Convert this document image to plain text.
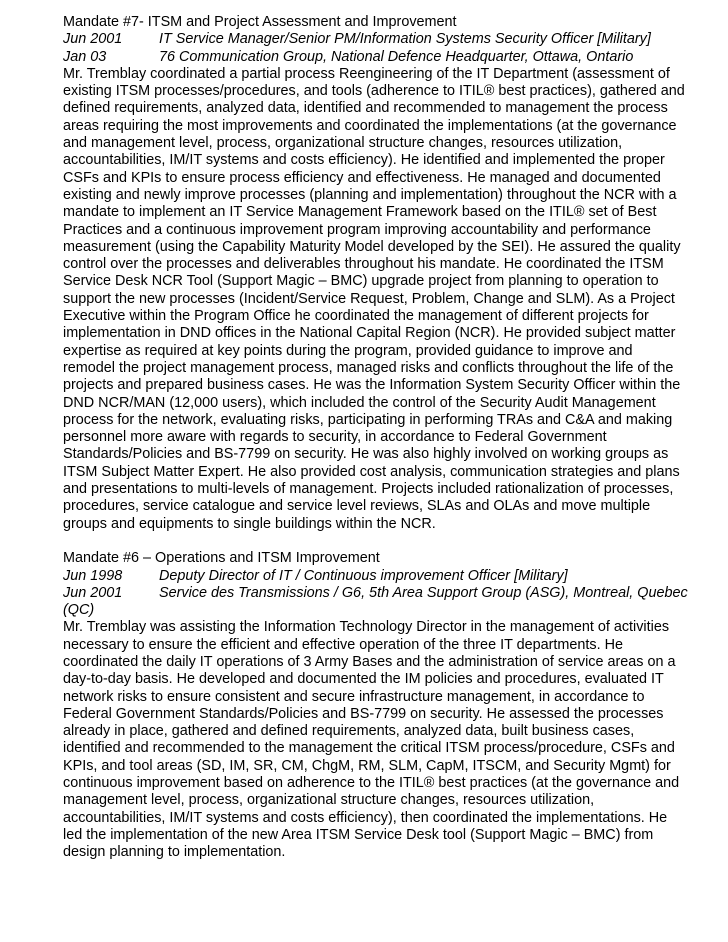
Mandate #7- ITSM and Project Assessment and Improvement

Jun 2001	IT Service Manager/Senior PM/Information Systems Security Officer [Military]

Jan 03	76 Communication Group, National Defence Headquarter, Ottawa, Ontario

Mr. Tremblay coordinated a partial process Reengineering of the IT Department (assessment of existing ITSM processes/procedures, and tools (adherence to ITIL® best practices), gathered and defined requirements, analyzed data, identified and recommended to management the process areas requiring the most improvements and coordinated the implementations (at the governance and management level, process, organizational structure changes, resources utilization, accountabilities, IM/IT systems and costs efficiency). He identified and implemented the proper CSFs and KPIs to ensure process efficiency and effectiveness. He managed and documented existing and newly improve processes (planning and implementation) throughout the NCR with a mandate to implement an IT Service Management Framework based on the ITIL® set of Best Practices and a continuous improvement program improving accountability and performance measurement (using the Capability Maturity Model developed by the SEI). He assured the quality control over the processes and deliverables throughout his mandate. He coordinated the ITSM Service Desk NCR Tool (Support Magic – BMC) upgrade project from planning to operation to support the new processes (Incident/Service Request, Problem, Change and SLM). As a Project Executive within the Program Office he coordinated the management of different projects for implementation in DND offices in the National Capital Region (NCR). He provided subject matter expertise as required at key points during the program, provided guidance to improve and remodel the project management process, managed risks and conflicts throughout the life of the projects and prepared business cases. He was the Information System Security Officer within the DND NCR/MAN (12,000 users), which included the control of the Security Audit Management process for the network, evaluating risks, participating in performing TRAs and C&A and making personnel more aware with regards to security, in accordance to Federal Government Standards/Policies and BS-7799 on security. He was also highly involved on working groups as ITSM Subject Matter Expert. He also provided cost analysis, communication strategies and plans and presentations to multi-levels of management. Projects included rationalization of processes, procedures, service catalogue and service level reviews, SLAs and OLAs and move multiple groups and equipments to single buildings within the NCR.

Mandate #6 – Operations and ITSM Improvement

Jun 1998	Deputy Director of IT / Continuous improvement Officer [Military]

Jun 2001	Service des Transmissions / G6, 5th Area Support Group (ASG), Montreal, Quebec (QC)

Mr. Tremblay was assisting the Information Technology Director in the management of activities necessary to ensure the efficient and effective operation of the three IT departments. He coordinated the daily IT operations of 3 Army Bases and the administration of service areas on a day-to-day basis. He developed and documented the IM policies and procedures, evaluated IT network risks to ensure consistent and secure infrastructure management, in accordance to Federal Government Standards/Policies and BS-7799 on security. He assessed the processes already in place, gathered and defined requirements, analyzed data, built business cases, identified and recommended to the management the critical ITSM process/procedure, CSFs and KPIs, and tool areas (SD, IM, SR, CM, ChgM, RM, SLM, CapM, ITSCM, and Security Mgmt) for continuous improvement based on adherence to the ITIL® best practices (at the governance and management level, process, organizational structure changes, resources utilization, accountabilities, IM/IT systems and costs efficiency), then coordinated the implementations. He led the implementation of the new Area ITSM Service Desk tool (Support Magic – BMC) from design planning to implementation.
